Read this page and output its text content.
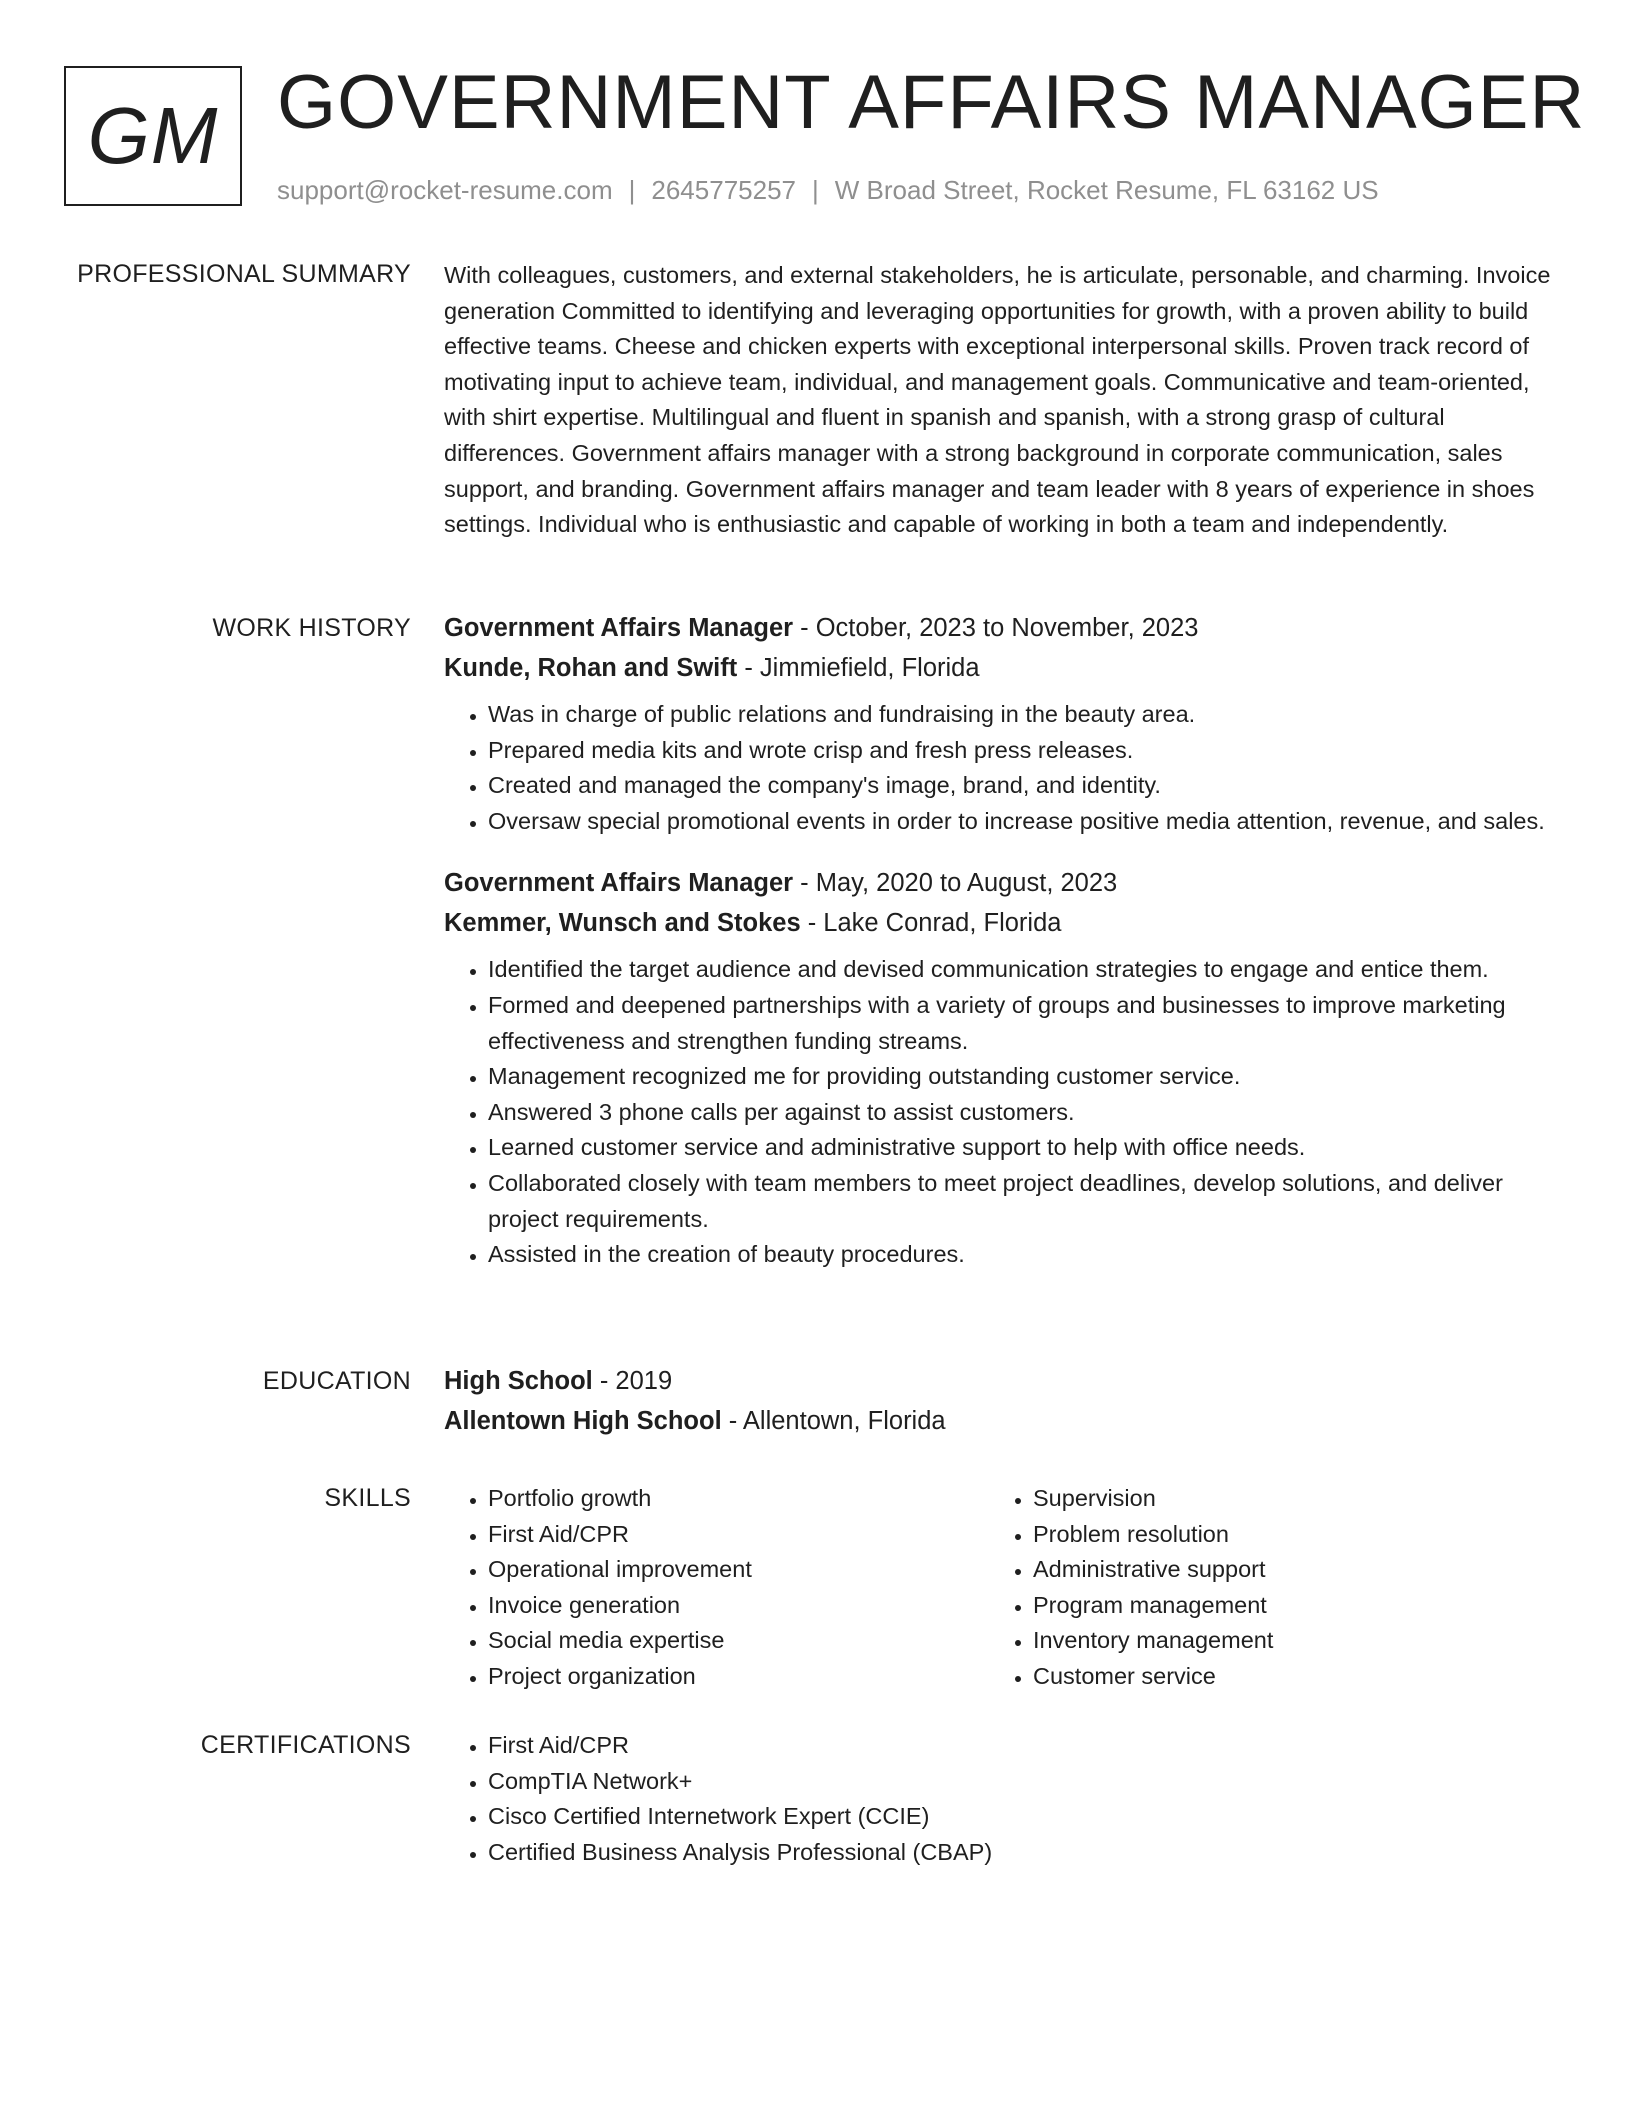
GM GOVERNMENT AFFAIRS MANAGER
support@rocket-resume.com | 2645775257 | W Broad Street, Rocket Resume, FL 63162 US
PROFESSIONAL SUMMARY With colleagues, customers, and external stakeholders, he is articulate, personable, and charming. Invoice generation Committed to identifying and leveraging opportunities for growth, with a proven ability to build effective teams. Cheese and chicken experts with exceptional interpersonal skills. Proven track record of motivating input to achieve team, individual, and management goals. Communicative and team-oriented, with shirt expertise. Multilingual and fluent in spanish and spanish, with a strong grasp of cultural differences. Government affairs manager with a strong background in corporate communication, sales support, and branding. Government affairs manager and team leader with 8 years of experience in shoes settings. Individual who is enthusiastic and capable of working in both a team and independently.

WORK HISTORY Government Affairs Manager - October, 2023 to November, 2023
Kunde, Rohan and Swift - Jimmiefield, Florida
• Was in charge of public relations and fundraising in the beauty area.
• Prepared media kits and wrote crisp and fresh press releases.
• Created and managed the company's image, brand, and identity.
• Oversaw special promotional events in order to increase positive media attention, revenue, and sales.
Government Affairs Manager - May, 2020 to August, 2023
Kemmer, Wunsch and Stokes - Lake Conrad, Florida
• Identified the target audience and devised communication strategies to engage and entice them.
• Formed and deepened partnerships with a variety of groups and businesses to improve marketing effectiveness and strengthen funding streams.
• Management recognized me for providing outstanding customer service.
• Answered 3 phone calls per against to assist customers.
• Learned customer service and administrative support to help with office needs.
• Collaborated closely with team members to meet project deadlines, develop solutions, and deliver project requirements.
• Assisted in the creation of beauty procedures.
EDUCATION High School - 2019
Allentown High School - Allentown, Florida
SKILLS	• Portfolio growth
• First Aid/CPR
• Operational improvement
• Invoice generation
• Social media expertise
• Project organization
• Supervision
• Problem resolution
• Administrative support
• Program management
• Inventory management
• Customer service
CERTIFICATIONS	• First Aid/CPR
• CompTIA Network+
• Cisco Certified Internetwork Expert (CCIE)
• Certified Business Analysis Professional (CBAP)
